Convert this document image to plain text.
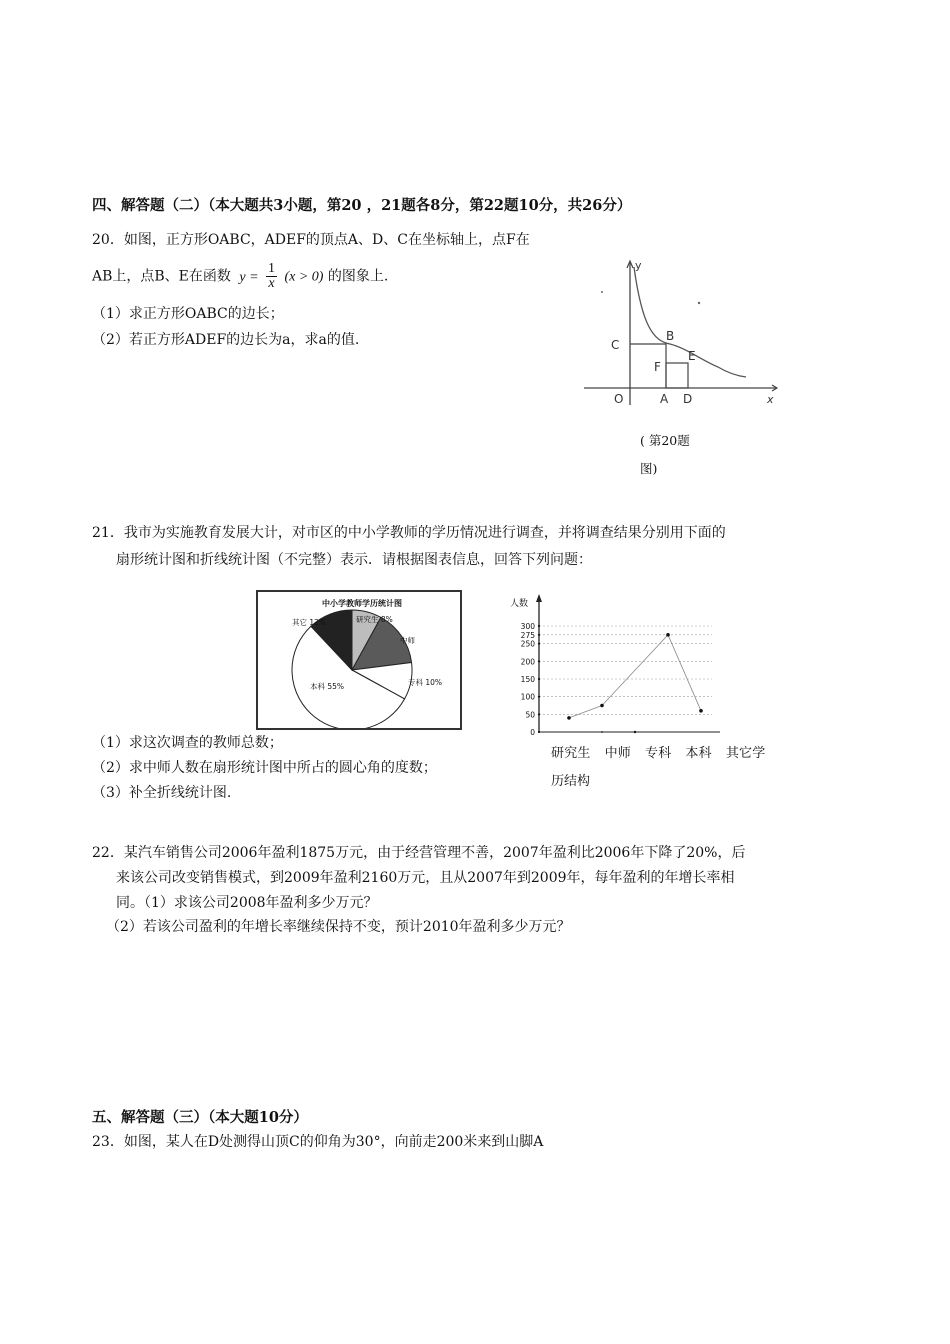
四、解答题（二）（本大题共3小题，第20 ，21题各8分，第22题10分，共26分）
20．如图，正方形OABC，ADEF的顶点A、D、C在坐标轴上，点F在
AB上，点B、E在函数 $y = \frac{1}{x} (x > 0)$ 的图象上.
（1）求正方形OABC的边长；
（2）若正方形ADEF的边长为a，求a的值.
y
x
O	A D
C
B
E
F
( 第20题
图)
21．我市为实施教育发展大计，对市区的中小学教师的学历情况进行调查，并将调查结果分别用下面的
扇形统计图和折线统计图（不完整）表示．请根据图表信息，回答下列问题：
中小学教师学历统计图
研究生 8%
中师
专科 10%
本科 55%
其它 12%
人数
0
50
100
150
200
250
275
300
研究生 中师 专科 本科 其它学
历结构
（1）求这次调查的教师总数；
（2）求中师人数在扇形统计图中所占的圆心角的度数；
（3）补全折线统计图.
22．某汽车销售公司2006年盈利1875万元，由于经营管理不善，2007年盈利比2006年下降了20%，后
来该公司改变销售模式，到2009年盈利2160万元，且从2007年到2009年，每年盈利的年增长率相
同。（1）求该公司2008年盈利多少万元？
（2）若该公司盈利的年增长率继续保持不变，预计2010年盈利多少万元？
五、解答题（三）（本大题10分）
23．如图，某人在D处测得山顶C的仰角为30°，向前走200米来到山脚A
